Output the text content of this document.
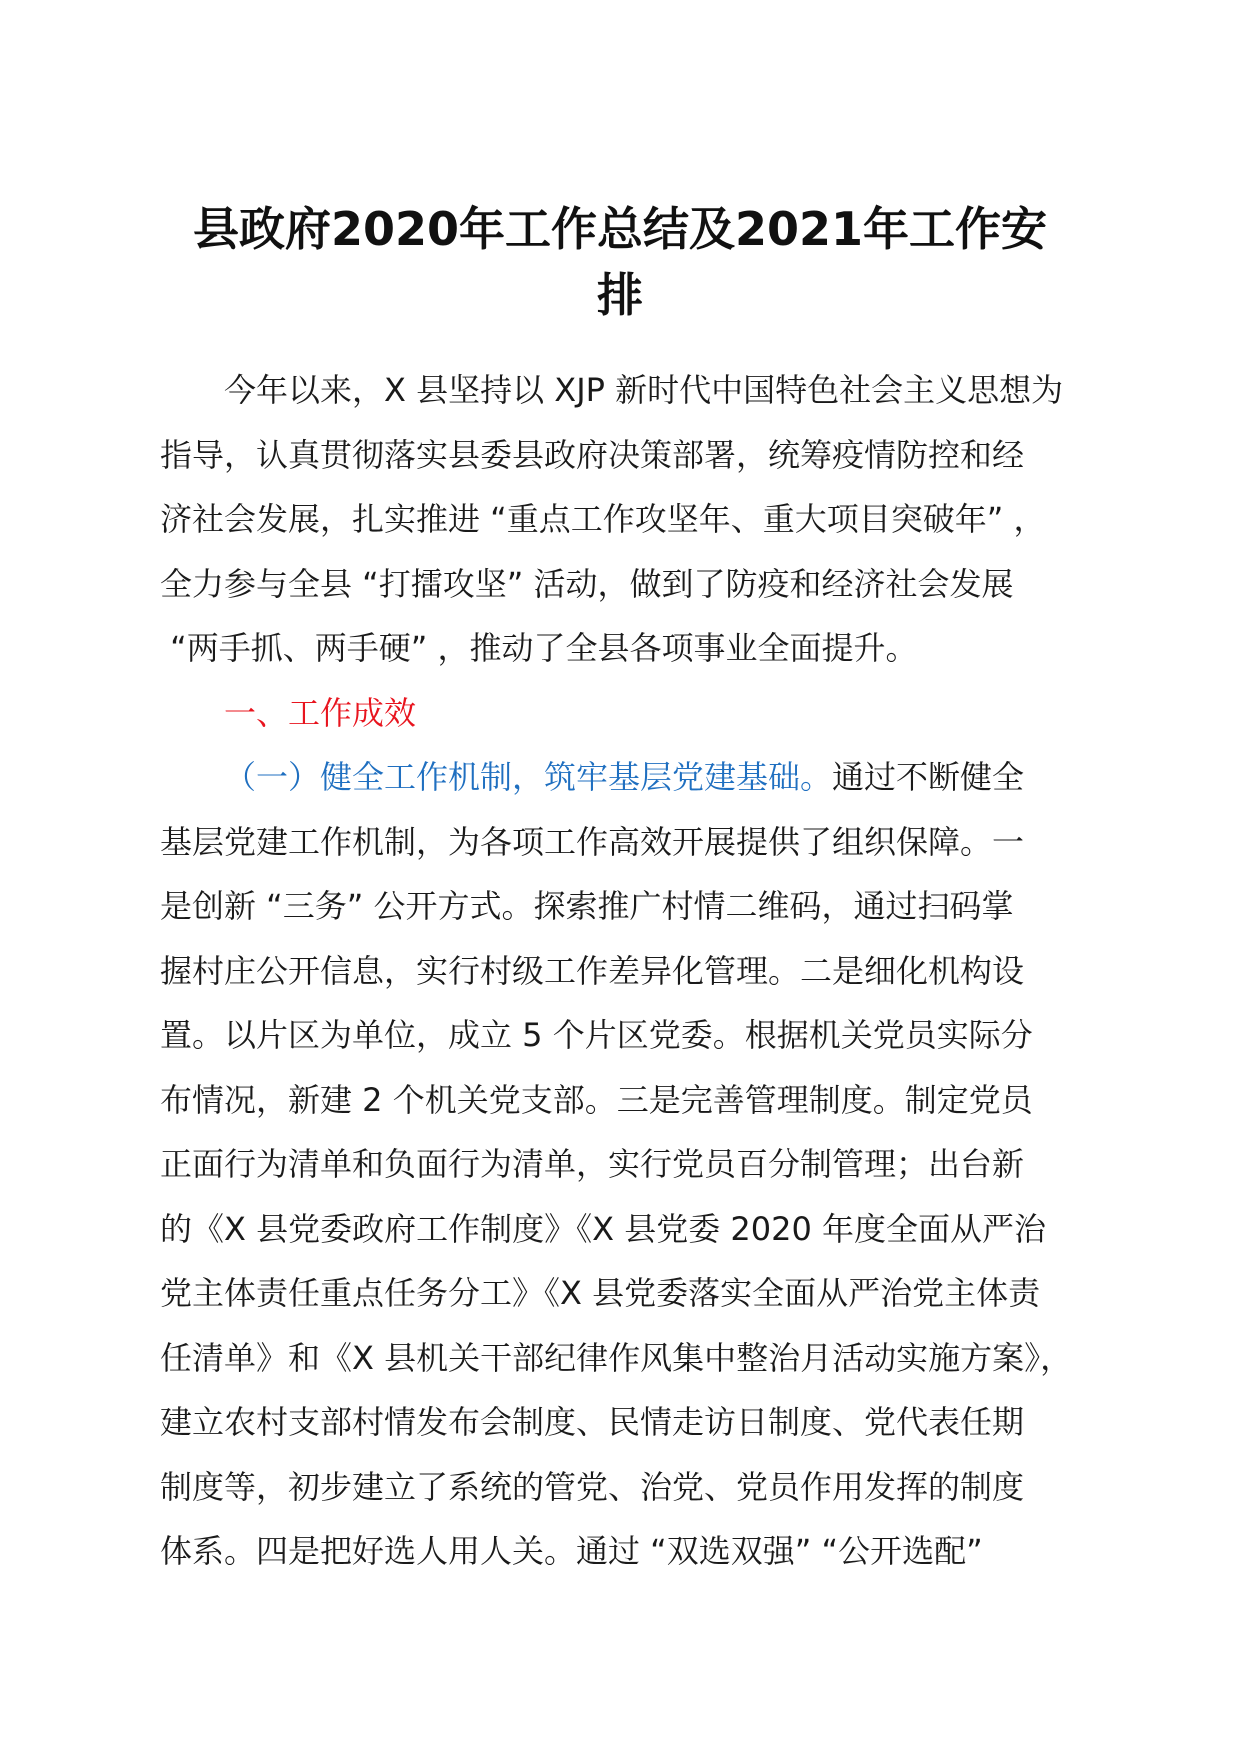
县政府2020年工作总结及2021年工作安
排
今年以来，X 县坚持以 XJP 新时代中国特色社会主义思想为
指导，认真贯彻落实县委县政府决策部署，统筹疫情防控和经
济社会发展，扎实推进 “重点工作攻坚年、重大项目突破年” ，
全力参与全县 “打擂攻坚” 活动，做到了防疫和经济社会发展
“两手抓、两手硬” ，推动了全县各项事业全面提升。
一、工作成效
（一）健全工作机制，筑牢基层党建基础。通过不断健全
基层党建工作机制，为各项工作高效开展提供了组织保障。一
是创新 “三务” 公开方式。探索推广村情二维码，通过扫码掌
握村庄公开信息，实行村级工作差异化管理。二是细化机构设
置。以片区为单位，成立 5 个片区党委。根据机关党员实际分
布情况，新建 2 个机关党支部。三是完善管理制度。制定党员
正面行为清单和负面行为清单，实行党员百分制管理；出台新
的《X 县党委政府工作制度》《X 县党委 2020 年度全面从严治
党主体责任重点任务分工》《X 县党委落实全面从严治党主体责
任清单》和《X 县机关干部纪律作风集中整治月活动实施方案》，
建立农村支部村情发布会制度、民情走访日制度、党代表任期
制度等，初步建立了系统的管党、治党、党员作用发挥的制度
体系。四是把好选人用人关。通过 “双选双强” “公开选配”
